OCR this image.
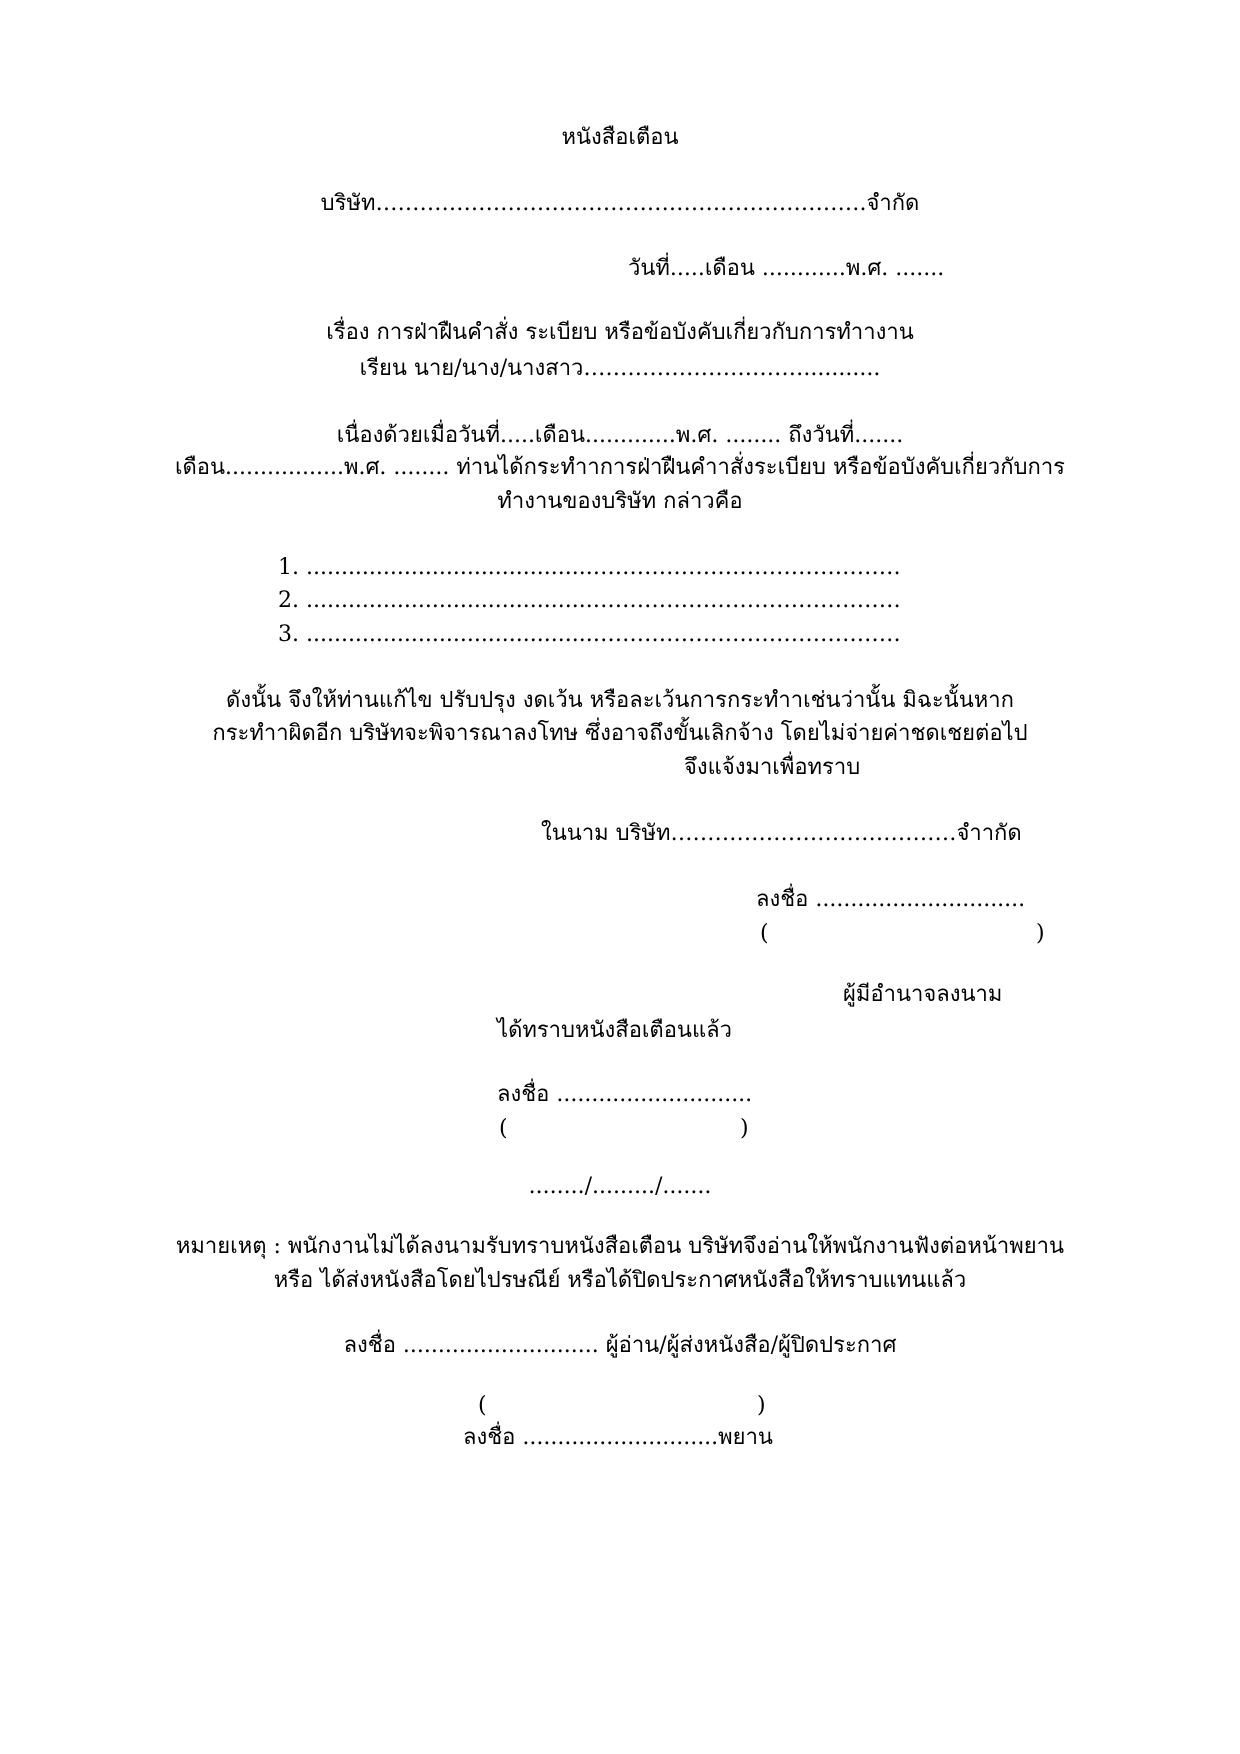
หนังสือเตือน

บริษัท………………………………………………………….จำกัด

วันที่.....เดือน ............พ.ศ. .......

เรื่อง การฝ่าฝืนคำสั่ง ระเบียบ หรือข้อบังคับเกี่ยวกับการทำางาน

เรียน นาย/นาง/นางสาว…………………………...........

เนื่องด้วยเมื่อวันที่.....เดือน.............พ.ศ. ........ ถึงวันที่.......

เดือน.................พ.ศ. ........ ท่านได้กระทำาการฝ่าฝืนคำาสั่งระเบียบ หรือข้อบังคับเกี่ยวกับการ

ทำงานของบริษัท กล่าวคือ

1. .........................................……………………………………

2. .........................................……………………………………

3. .........................................……………………………………

ดังนั้น จึงให้ท่านแก้ไข ปรับปรุง งดเว้น หรือละเว้นการกระทำาเช่นว่านั้น มิฉะนั้นหาก

กระทำาผิดอีก บริษัทจะพิจารณาลงโทษ ซึ่งอาจถึงขั้นเลิกจ้าง โดยไม่จ่ายค่าชดเชยต่อไป

จึงแจ้งมาเพื่อทราบ

ในนาม บริษัท…………………………………จำากัด

ลงชื่อ ..............................

(	)

ผู้มีอำนาจลงนาม

ได้ทราบหนังสือเตือนแล้ว

ลงชื่อ ............................

(	)

......../........./.......

หมายเหตุ : พนักงานไม่ได้ลงนามรับทราบหนังสือเตือน บริษัทจึงอ่านให้พนักงานฟังต่อหน้าพยาน

หรือ ได้ส่งหนังสือโดยไปรษณีย์ หรือได้ปิดประกาศหนังสือให้ทราบแทนแล้ว

ลงชื่อ ............................ ผู้อ่าน/ผู้ส่งหนังสือ/ผู้ปิดประกาศ

(	)

ลงชื่อ ............................พยาน
